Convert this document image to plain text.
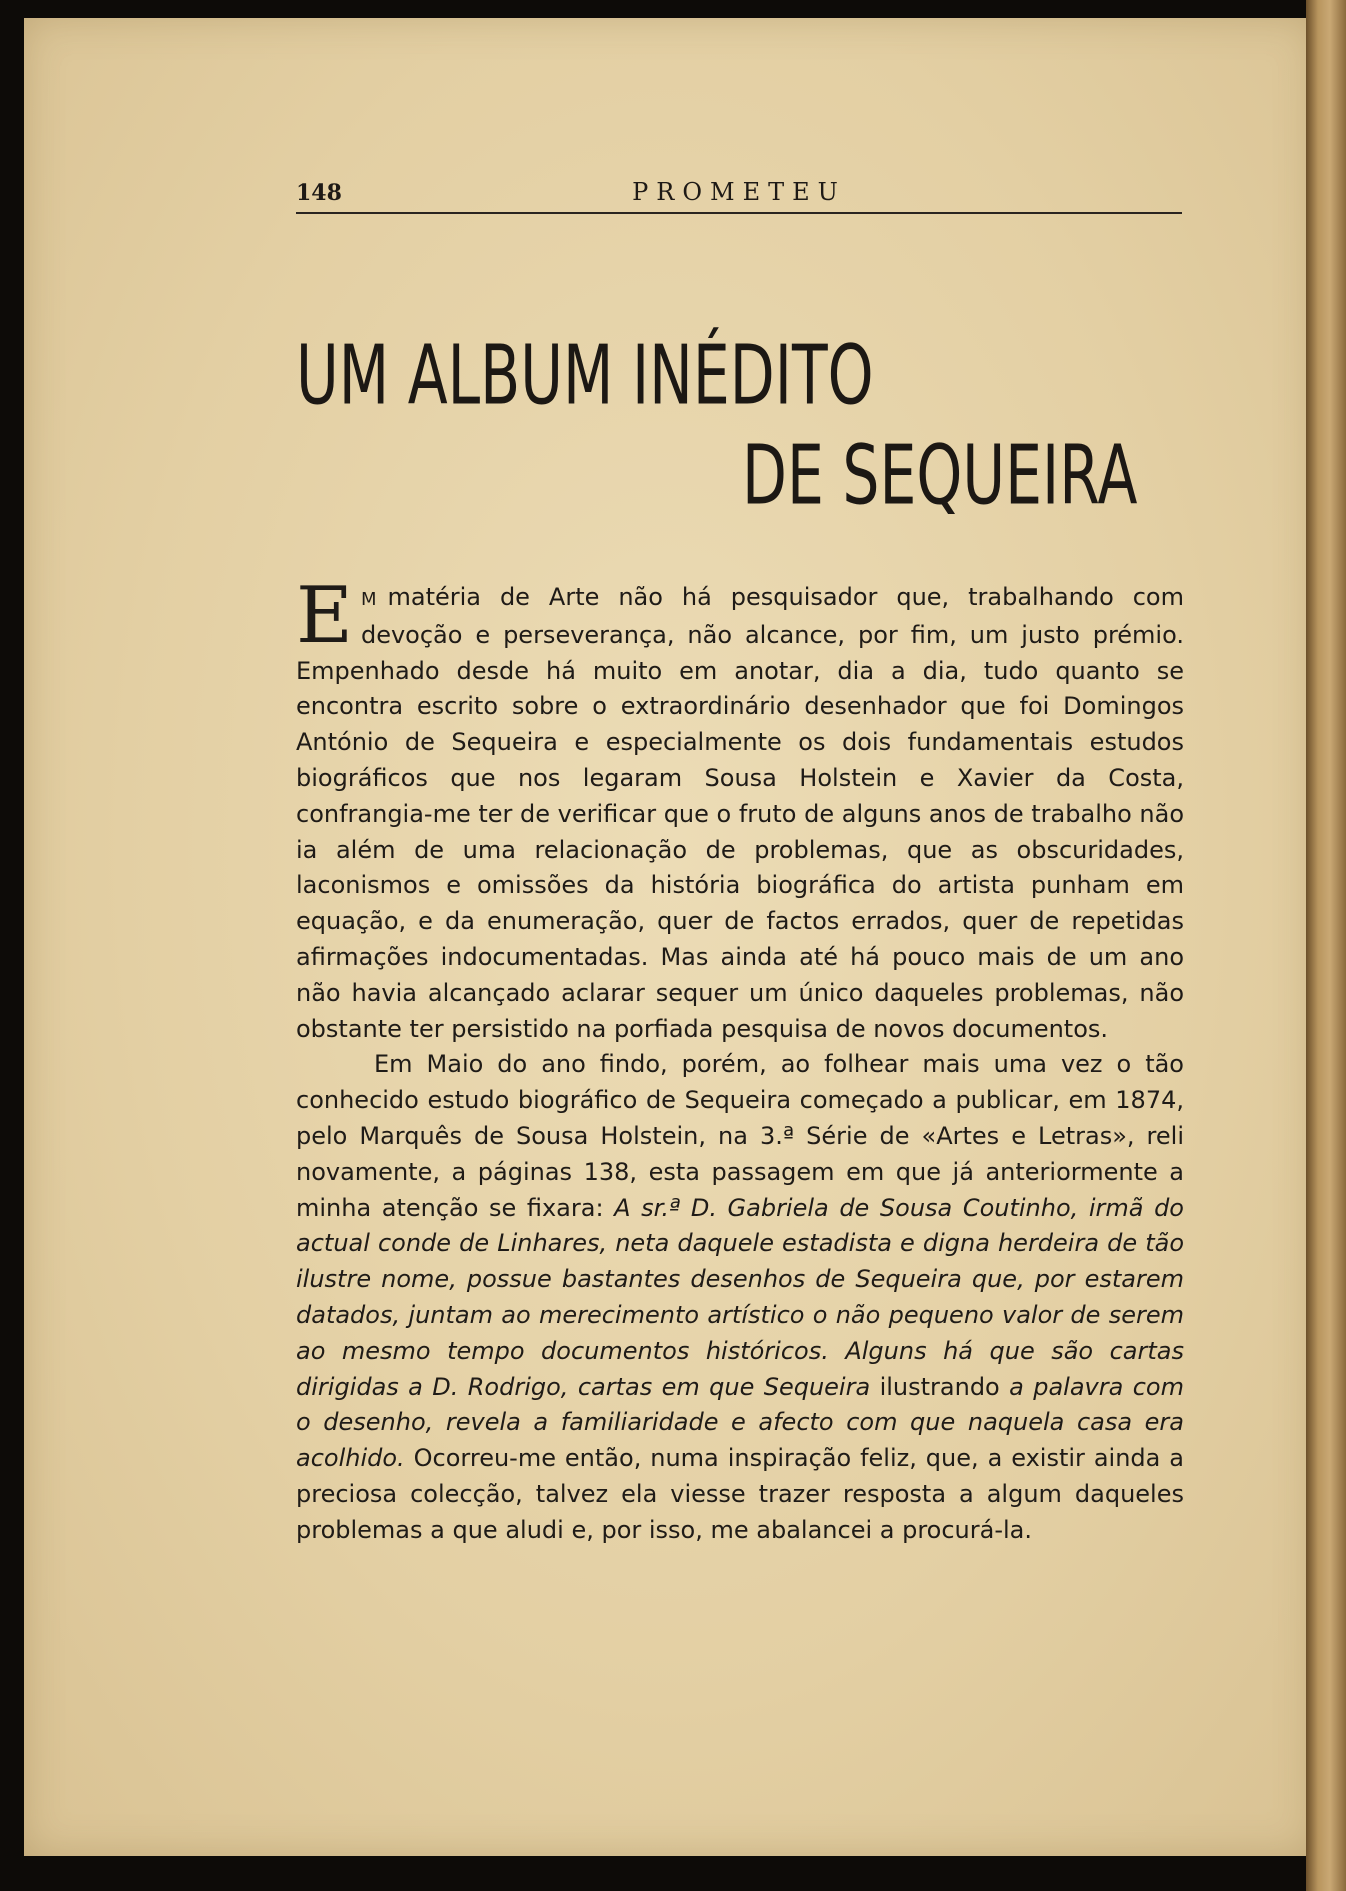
148	PROMETEU
UM ALBUM INÉDITO
DE SEQUEIRA

E M matéria de Arte não há pesquisador que, trabalhando com devoção e perseverança, não alcance, por fim, um justo prémio. Empenhado desde há muito em anotar, dia a dia, tudo quanto se encontra escrito sobre o extraordinário desenhador que foi Domingos António de Sequeira e especialmente os dois fundamentais estudos biográficos que nos legaram Sousa Holstein e Xavier da Costa, confrangia-me ter de verificar que o fruto de alguns anos de trabalho não ia além de uma relacionação de problemas, que as obscuridades, laconismos e omissões da história biográfica do artista punham em equação, e da enumeração, quer de factos errados, quer de repetidas afirmações indocumentadas. Mas ainda até há pouco mais de um ano não havia alcançado aclarar sequer um único daqueles problemas, não obstante ter persistido na porfiada pesquisa de novos documentos.

Em Maio do ano findo, porém, ao folhear mais uma vez o tão conhecido estudo biográfico de Sequeira começado a publicar, em 1874, pelo Marquês de Sousa Holstein, na 3.ª Série de «Artes e Letras», reli novamente, a páginas 138, esta passagem em que já anteriormente a minha atenção se fixara: A sr.ª D. Gabriela de Sousa Coutinho, irmã do actual conde de Linhares, neta daquele estadista e digna herdeira de tão ilustre nome, possue bastantes desenhos de Sequeira que, por estarem datados, juntam ao merecimento artístico o não pequeno valor de serem ao mesmo tempo documentos históricos. Alguns há que são cartas dirigidas a D. Rodrigo, cartas em que Sequeira ilustrando a palavra com o desenho, revela a familiaridade e afecto com que naquela casa era acolhido. Ocorreu-me então, numa inspiração feliz, que, a existir ainda a preciosa colecção, talvez ela viesse trazer resposta a algum daqueles problemas a que aludi e, por isso, me abalancei a procurá-la.
